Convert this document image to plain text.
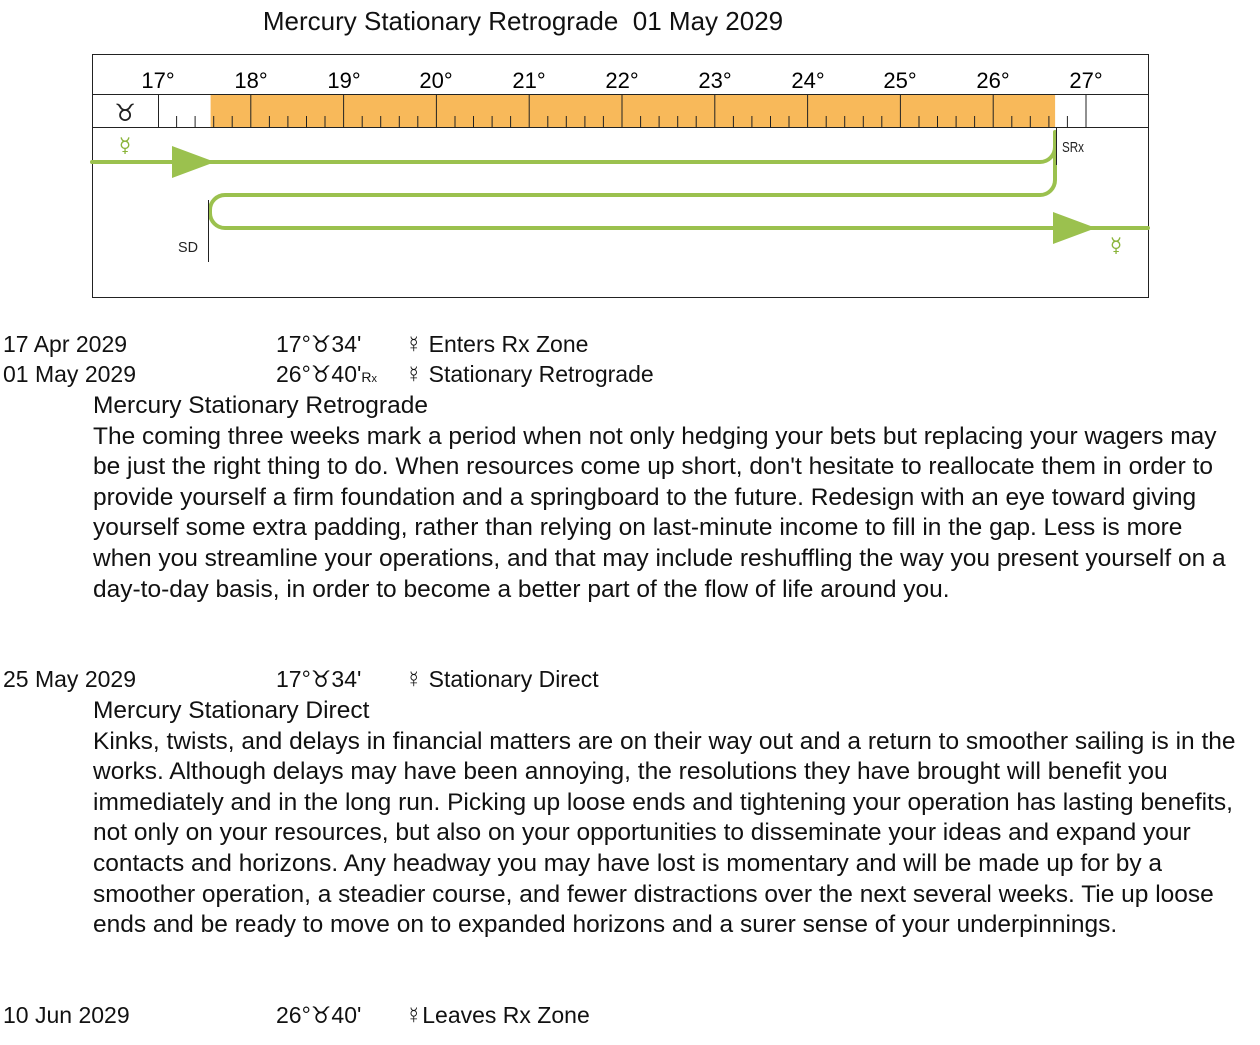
Mercury Stationary Retrograde  01 May 2029
17°	18°	19°	20°	21°	22°	23°	24°	25°	26°	27°
♉
SRx
SD
☿
☿
17 Apr 2029	17°♉34' ☿ Enters Rx Zone
01 May 2029	26°♉40'Rx ☿ Stationary Retrograde
Mercury Stationary Retrograde
The coming three weeks mark a period when not only hedging your bets but replacing your wagers may be just the right thing to do. When resources come up short, don't hesitate to reallocate them in order to provide yourself a firm foundation and a springboard to the future. Redesign with an eye toward giving yourself some extra padding, rather than relying on last-minute income to fill in the gap. Less is more when you streamline your operations, and that may include reshuffling the way you present yourself on a day-to-day basis, in order to become a better part of the flow of life around you.
25 May 2029	17°♉34' ☿ Stationary Direct
Mercury Stationary Direct
Kinks, twists, and delays in financial matters are on their way out and a return to smoother sailing is in the works. Although delays may have been annoying, the resolutions they have brought will benefit you immediately and in the long run. Picking up loose ends and tightening your operation has lasting benefits, not only on your resources, but also on your opportunities to disseminate your ideas and expand your contacts and horizons. Any headway you may have lost is momentary and will be made up for by a smoother operation, a steadier course, and fewer distractions over the next several weeks. Tie up loose ends and be ready to move on to expanded horizons and a surer sense of your underpinnings.
10 Jun 2029	26°♉40' ☿Leaves Rx Zone
